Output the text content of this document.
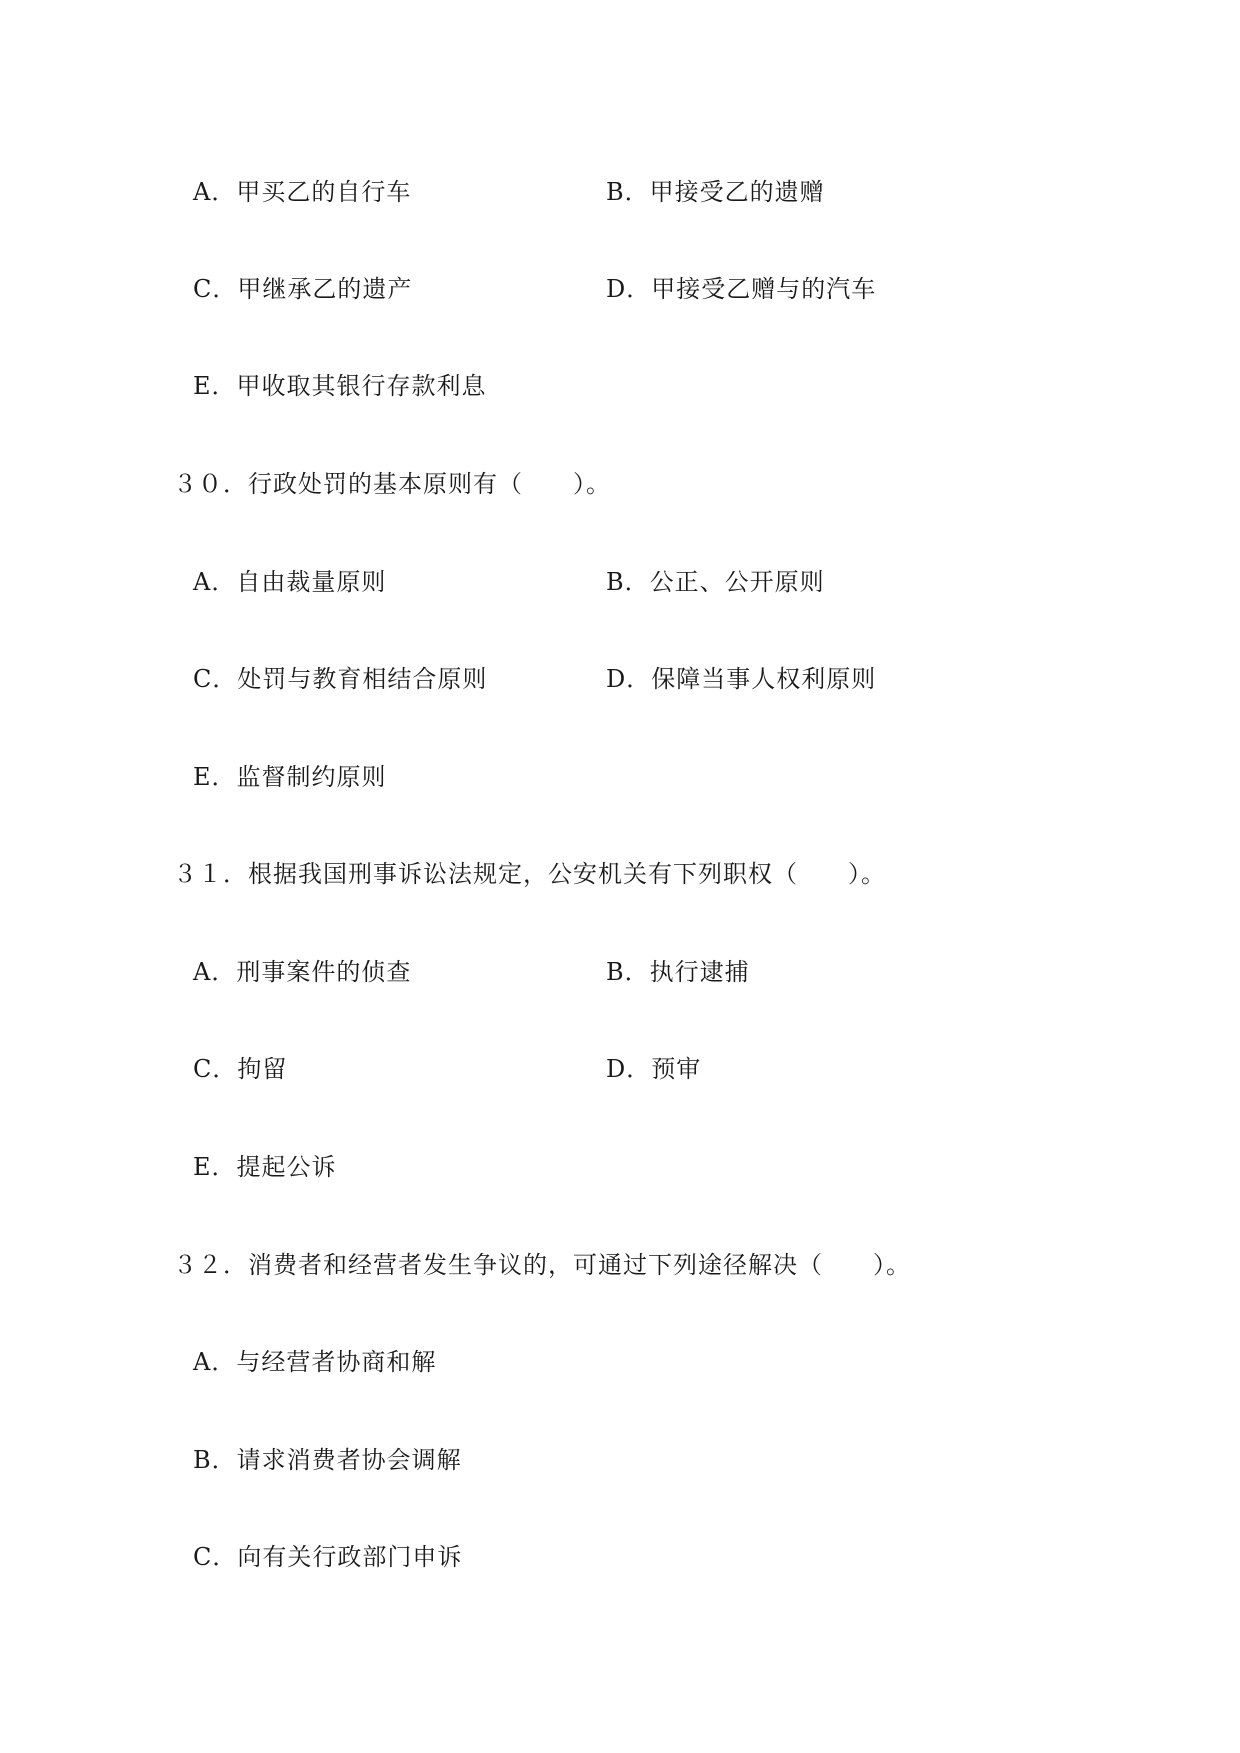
A．甲买乙的自行车	B．甲接受乙的遗赠
C．甲继承乙的遗产	D．甲接受乙赠与的汽车
E．甲收取其银行存款利息
３０．行政处罚的基本原则有（　　）。
A．自由裁量原则	B．公正、公开原则
C．处罚与教育相结合原则	D．保障当事人权利原则
E．监督制约原则
３１．根据我国刑事诉讼法规定，公安机关有下列职权（　　）。
A．刑事案件的侦查	B．执行逮捕
C．拘留	D．预审
E．提起公诉
３２．消费者和经营者发生争议的，可通过下列途径解决（　　）。
A．与经营者协商和解
B．请求消费者协会调解
C．向有关行政部门申诉
